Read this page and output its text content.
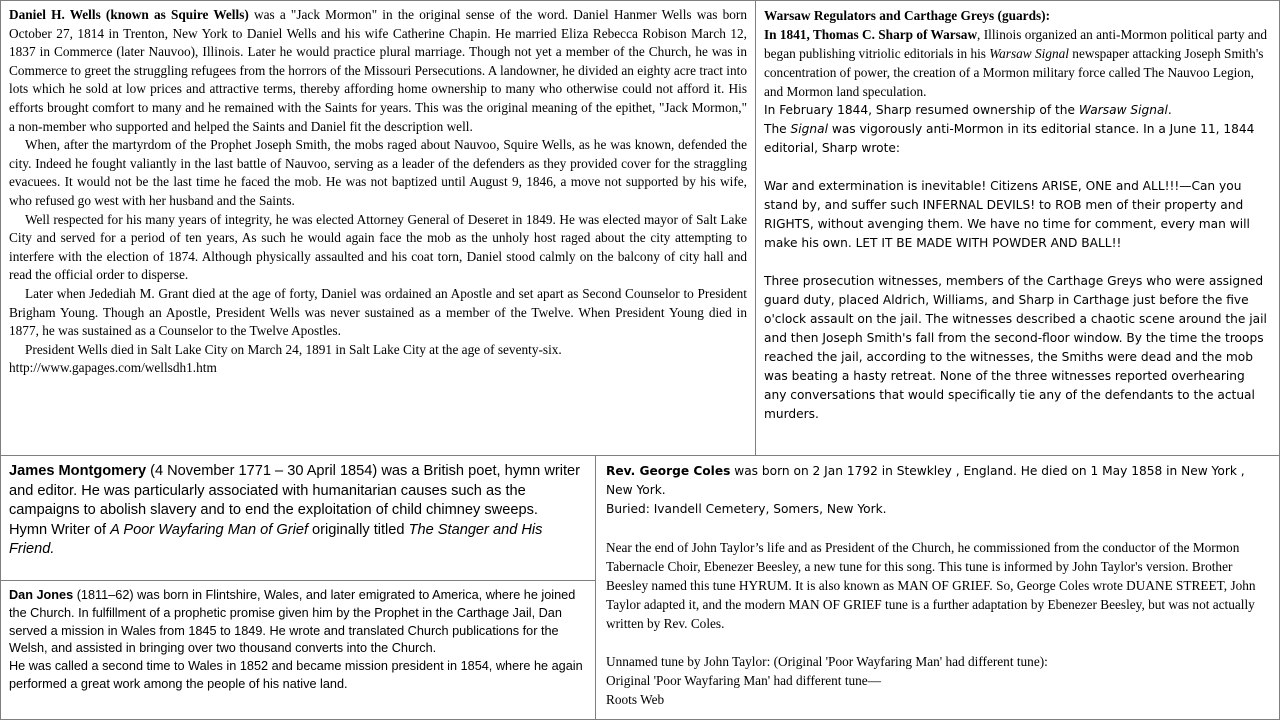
Daniel H. Wells (known as Squire Wells) was a "Jack Mormon" in the original sense of the word. Daniel Hanmer Wells was born October 27, 1814 in Trenton, New York to Daniel Wells and his wife Catherine Chapin. He married Eliza Rebecca Robison March 12, 1837 in Commerce (later Nauvoo), Illinois. Later he would practice plural marriage. Though not yet a member of the Church, he was in Commerce to greet the struggling refugees from the horrors of the Missouri Persecutions. A landowner, he divided an eighty acre tract into lots which he sold at low prices and attractive terms, thereby affording home ownership to many who otherwise could not afford it. His efforts brought comfort to many and he remained with the Saints for years. This was the original meaning of the epithet, "Jack Mormon," a non-member who supported and helped the Saints and Daniel fit the description well.

When, after the martyrdom of the Prophet Joseph Smith, the mobs raged about Nauvoo, Squire Wells, as he was known, defended the city. Indeed he fought valiantly in the last battle of Nauvoo, serving as a leader of the defenders as they provided cover for the straggling evacuees. It would not be the last time he faced the mob. He was not baptized until August 9, 1846, a move not supported by his wife, who refused go west with her husband and the Saints.

Well respected for his many years of integrity, he was elected Attorney General of Deseret in 1849. He was elected mayor of Salt Lake City and served for a period of ten years, As such he would again face the mob as the unholy host raged about the city attempting to interfere with the election of 1874. Although physically assaulted and his coat torn, Daniel stood calmly on the balcony of city hall and read the official order to disperse.

Later when Jedediah M. Grant died at the age of forty, Daniel was ordained an Apostle and set apart as Second Counselor to President Brigham Young. Though an Apostle, President Wells was never sustained as a member of the Twelve. When President Young died in 1877, he was sustained as a Counselor to the Twelve Apostles.

President Wells died in Salt Lake City on March 24, 1891 in Salt Lake City at the age of seventy-six.

http://www.gapages.com/wellsdh1.htm

Warsaw Regulators and Carthage Greys (guards):

In 1841, Thomas C. Sharp of Warsaw, Illinois organized an anti-Mormon political party and began publishing vitriolic editorials in his Warsaw Signal newspaper attacking Joseph Smith's concentration of power, the creation of a Mormon military force called The Nauvoo Legion, and Mormon land speculation.

In February 1844, Sharp resumed ownership of the Warsaw Signal.

The Signal was vigorously anti-Mormon in its editorial stance. In a June 11, 1844 editorial, Sharp wrote:

War and extermination is inevitable! Citizens ARISE, ONE and ALL!!!—Can you stand by, and suffer such INFERNAL DEVILS! to ROB men of their property and RIGHTS, without avenging them. We have no time for comment, every man will make his own. LET IT BE MADE WITH POWDER AND BALL!!

Three prosecution witnesses, members of the Carthage Greys who were assigned guard duty, placed Aldrich, Williams, and Sharp in Carthage just before the five o'clock assault on the jail. The witnesses described a chaotic scene around the jail and then Joseph Smith's fall from the second-floor window. By the time the troops reached the jail, according to the witnesses, the Smiths were dead and the mob was beating a hasty retreat. None of the three witnesses reported overhearing any conversations that would specifically tie any of the defendants to the actual murders.

James Montgomery (4 November 1771 – 30 April 1854) was a British poet, hymn writer and editor. He was particularly associated with humanitarian causes such as the campaigns to abolish slavery and to end the exploitation of child chimney sweeps.

Hymn Writer of A Poor Wayfaring Man of Grief originally titled The Stanger and His Friend.

Dan Jones (1811–62) was born in Flintshire, Wales, and later emigrated to America, where he joined the Church. In fulfillment of a prophetic promise given him by the Prophet in the Carthage Jail, Dan served a mission in Wales from 1845 to 1849. He wrote and translated Church publications for the Welsh, and assisted in bringing over two thousand converts into the Church.

He was called a second time to Wales in 1852 and became mission president in 1854, where he again performed a great work among the people of his native land.

Rev. George Coles was born on 2 Jan 1792 in Stewkley , England. He died on 1 May 1858 in New York , New York.

Buried: Ivandell Cemetery, Somers, New York.

Near the end of John Taylor’s life and as President of the Church, he commissioned from the conductor of the Mormon Tabernacle Choir, Ebenezer Beesley, a new tune for this song. This tune is informed by John Taylor's version. Brother Beesley named this tune HYRUM. It is also known as MAN OF GRIEF. So, George Coles wrote DUANE STREET, John Taylor adapted it, and the modern MAN OF GRIEF tune is a further adaptation by Ebenezer Beesley, but was not actually written by Rev. Coles.

Unnamed tune by John Taylor: (Original 'Poor Wayfaring Man' had different tune):

Original 'Poor Wayfaring Man' had different tune—

Roots Web
